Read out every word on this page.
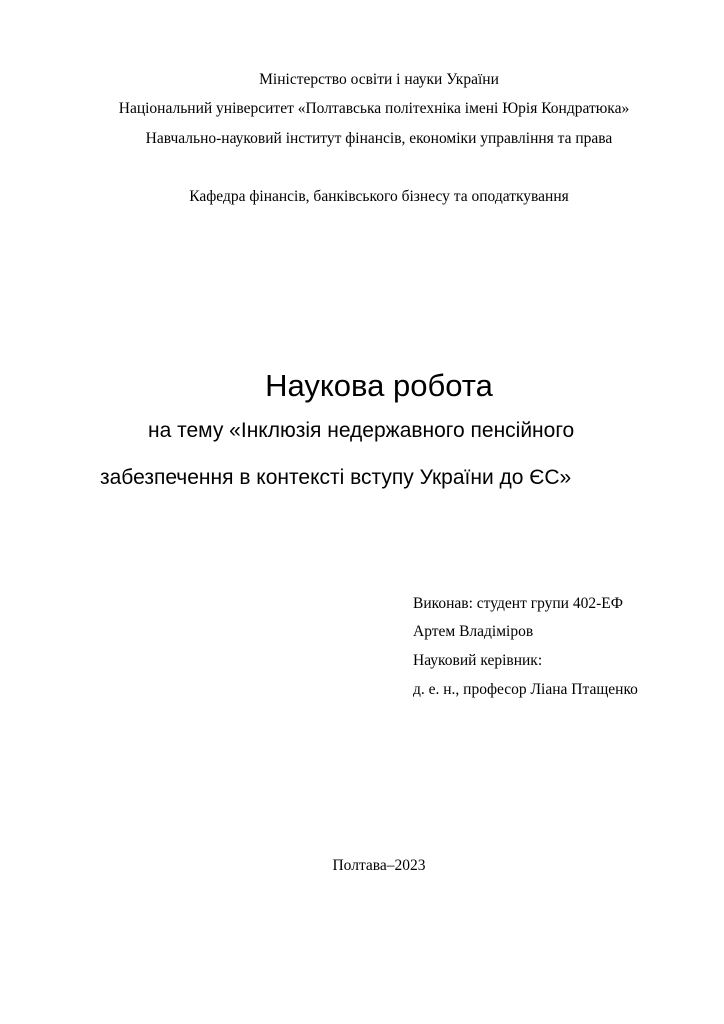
Міністерство освіти і науки України
Національний університет «Полтавська політехніка імені Юрія Кондратюка»
Навчально-науковий інститут фінансів, економіки управління та права
Кафедра фінансів, банківського бізнесу та оподаткування
Наукова робота
на тему «Інклюзія недержавного пенсійного
забезпечення в контексті вступу України до ЄС»
Виконав: студент групи 402-ЕФ
Артем Владіміров
Науковий керівник:
д. е. н., професор Ліана Птащенко
Полтава–2023
